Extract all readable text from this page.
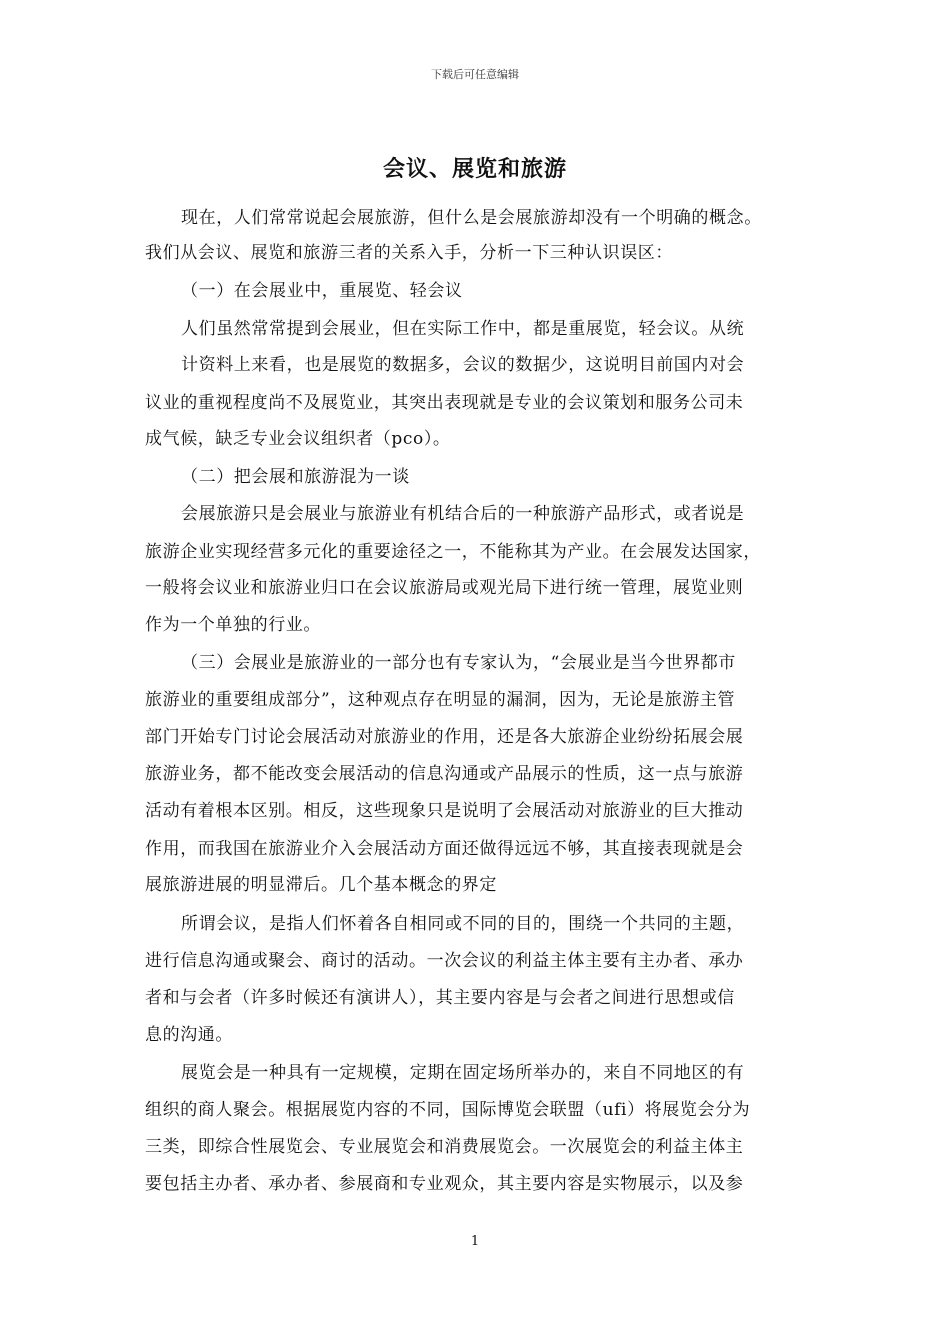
下载后可任意编辑
会议、展览和旅游
现在，人们常常说起会展旅游，但什么是会展旅游却没有一个明确的概念。
我们从会议、展览和旅游三者的关系入手，分析一下三种认识误区：
（一）在会展业中，重展览、轻会议
人们虽然常常提到会展业，但在实际工作中，都是重展览，轻会议。从统
计资料上来看，也是展览的数据多，会议的数据少，这说明目前国内对会
议业的重视程度尚不及展览业，其突出表现就是专业的会议策划和服务公司未
成气候，缺乏专业会议组织者（pco）。
（二）把会展和旅游混为一谈
会展旅游只是会展业与旅游业有机结合后的一种旅游产品形式，或者说是
旅游企业实现经营多元化的重要途径之一，不能称其为产业。在会展发达国家，
一般将会议业和旅游业归口在会议旅游局或观光局下进行统一管理，展览业则
作为一个单独的行业。
（三）会展业是旅游业的一部分也有专家认为，“会展业是当今世界都市
旅游业的重要组成部分”，这种观点存在明显的漏洞，因为，无论是旅游主管
部门开始专门讨论会展活动对旅游业的作用，还是各大旅游企业纷纷拓展会展
旅游业务，都不能改变会展活动的信息沟通或产品展示的性质，这一点与旅游
活动有着根本区别。相反，这些现象只是说明了会展活动对旅游业的巨大推动
作用，而我国在旅游业介入会展活动方面还做得远远不够，其直接表现就是会
展旅游进展的明显滞后。几个基本概念的界定
所谓会议，是指人们怀着各自相同或不同的目的，围绕一个共同的主题，
进行信息沟通或聚会、商讨的活动。一次会议的利益主体主要有主办者、承办
者和与会者（许多时候还有演讲人），其主要内容是与会者之间进行思想或信
息的沟通。
展览会是一种具有一定规模，定期在固定场所举办的，来自不同地区的有
组织的商人聚会。根据展览内容的不同，国际博览会联盟（ufi）将展览会分为
三类，即综合性展览会、专业展览会和消费展览会。一次展览会的利益主体主
要包括主办者、承办者、参展商和专业观众，其主要内容是实物展示，以及参
1
